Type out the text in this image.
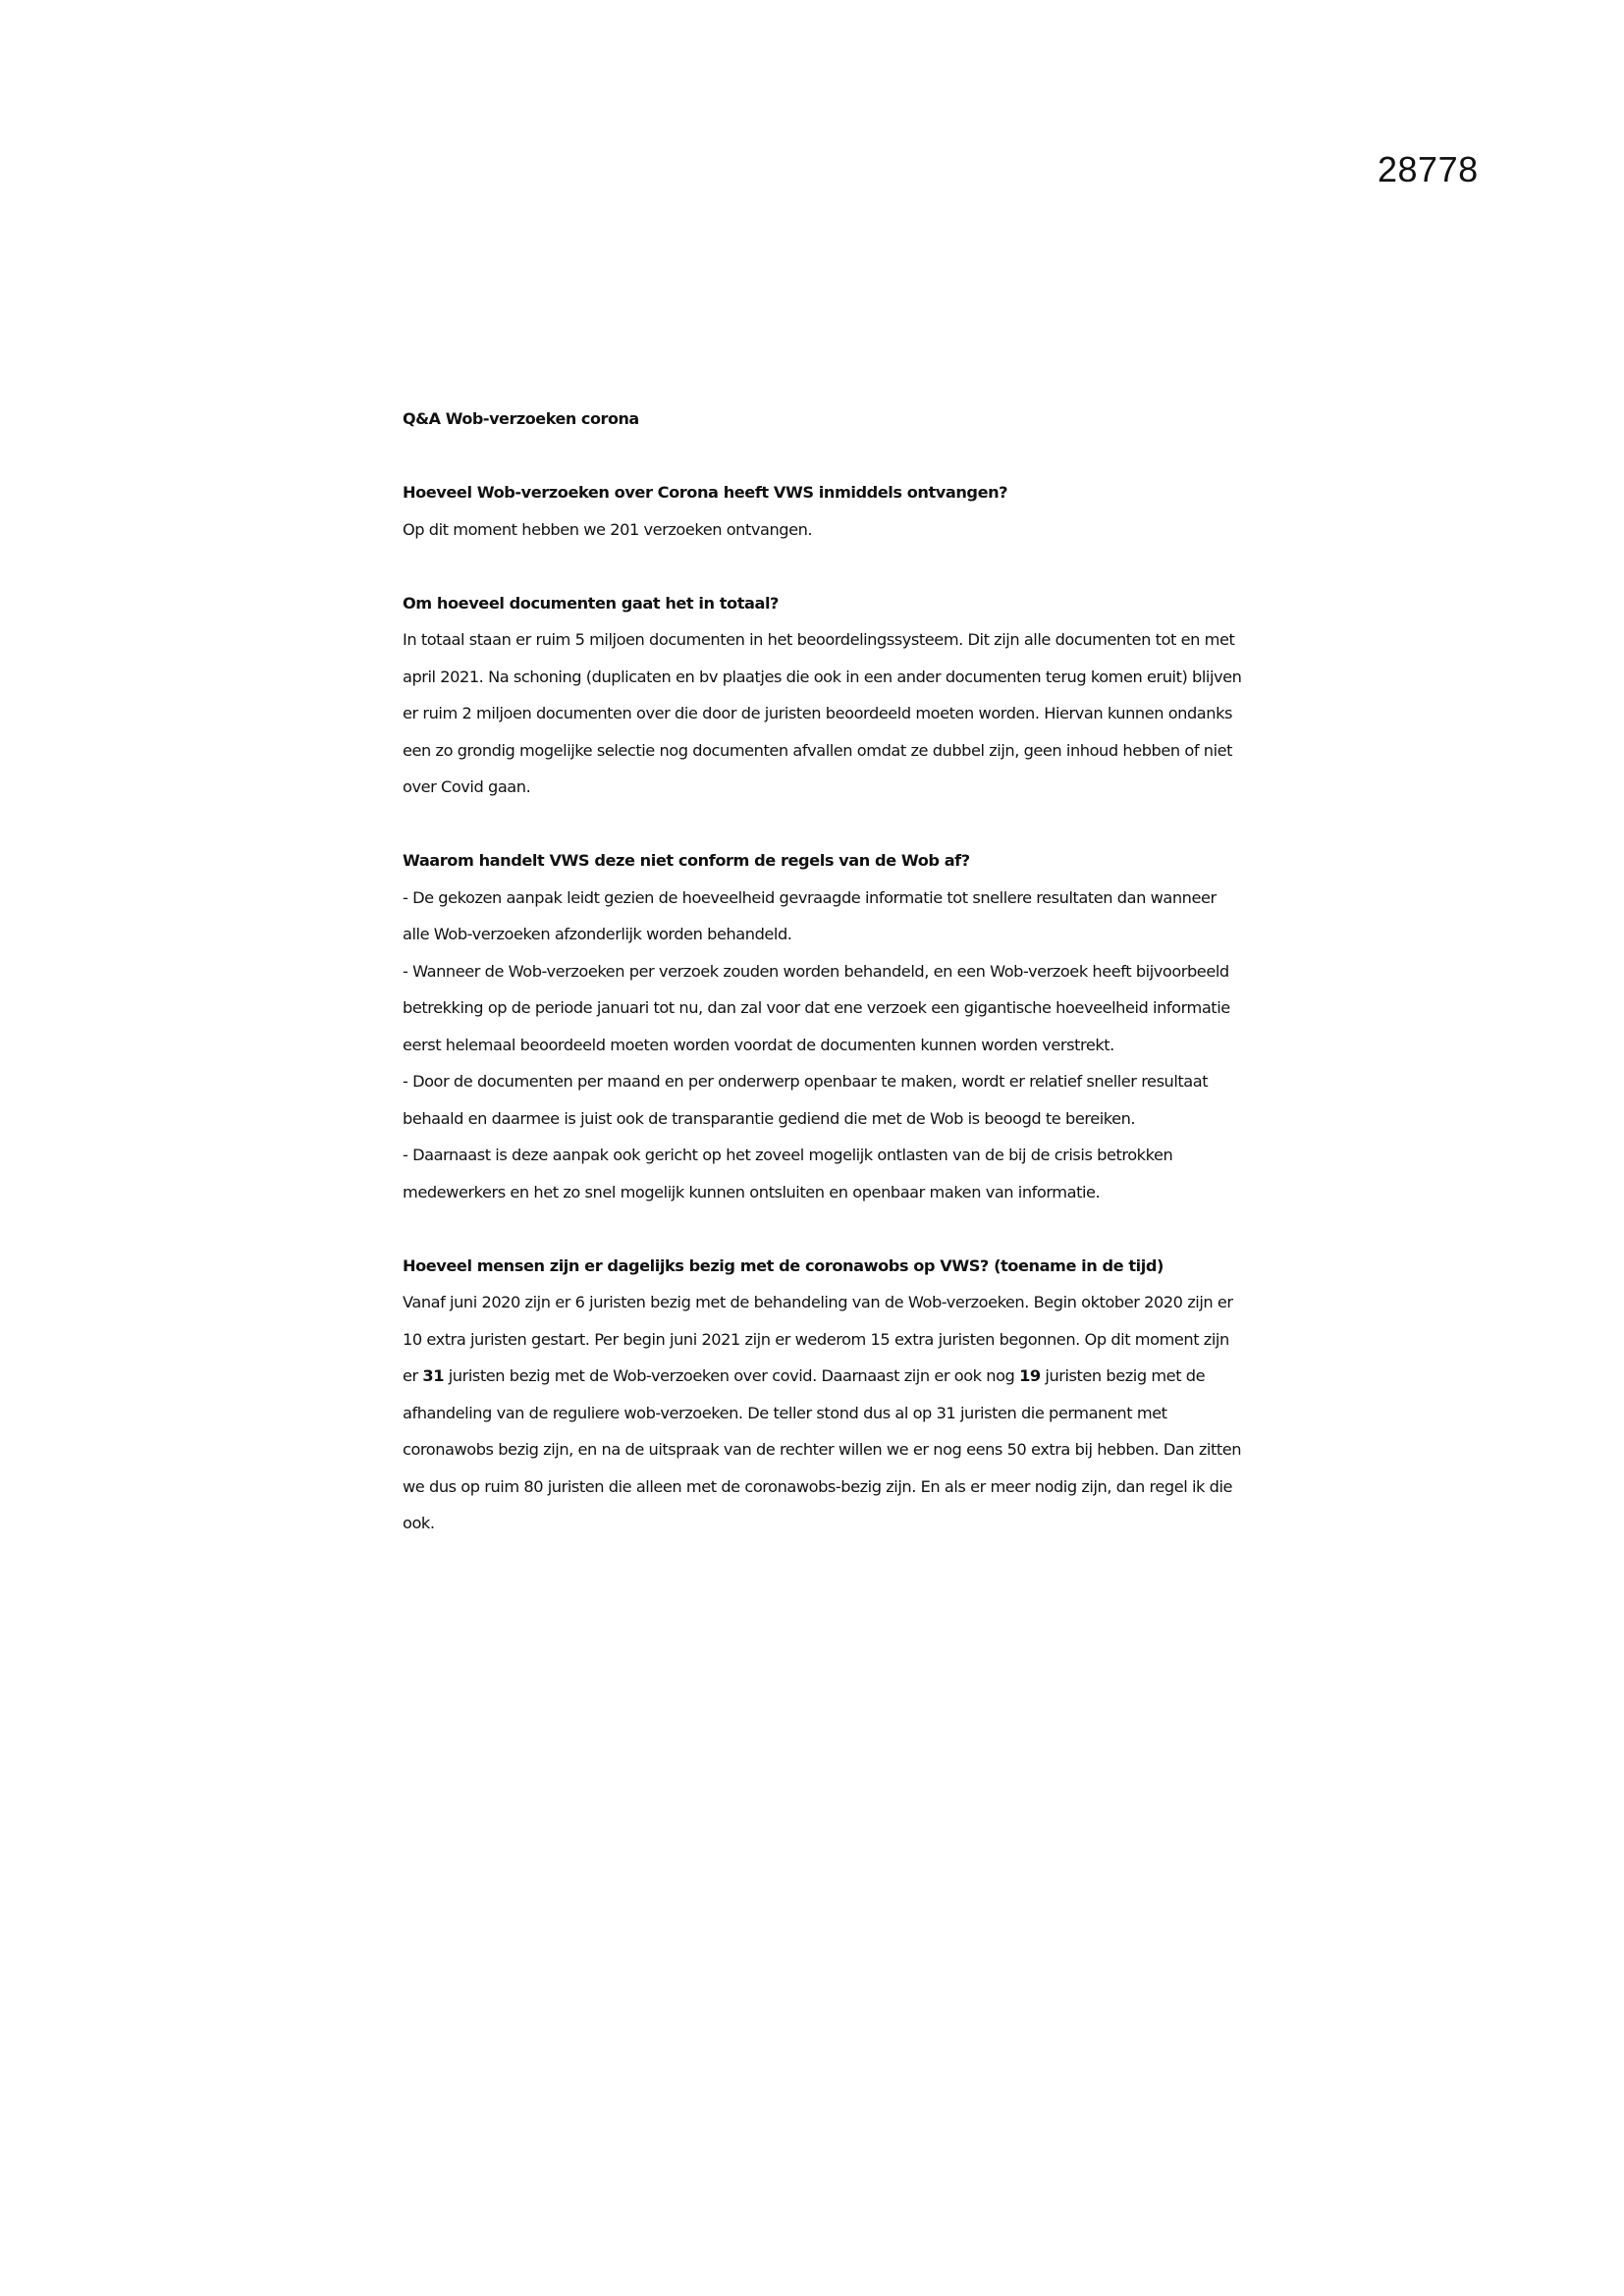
28778
Q&A Wob-verzoeken corona

Hoeveel Wob-verzoeken over Corona heeft VWS inmiddels ontvangen?

Op dit moment hebben we 201 verzoeken ontvangen.

Om hoeveel documenten gaat het in totaal?

In totaal staan er ruim 5 miljoen documenten in het beoordelingssysteem. Dit zijn alle documenten tot en met april 2021. Na schoning (duplicaten en bv plaatjes die ook in een ander documenten terug komen eruit) blijven er ruim 2 miljoen documenten over die door de juristen beoordeeld moeten worden. Hiervan kunnen ondanks een zo grondig mogelijke selectie nog documenten afvallen omdat ze dubbel zijn, geen inhoud hebben of niet over Covid gaan.

Waarom handelt VWS deze niet conform de regels van de Wob af?

- De gekozen aanpak leidt gezien de hoeveelheid gevraagde informatie tot snellere resultaten dan wanneer alle Wob-verzoeken afzonderlijk worden behandeld.

- Wanneer de Wob-verzoeken per verzoek zouden worden behandeld, en een Wob-verzoek heeft bijvoorbeeld betrekking op de periode januari tot nu, dan zal voor dat ene verzoek een gigantische hoeveelheid informatie eerst helemaal beoordeeld moeten worden voordat de documenten kunnen worden verstrekt.

- Door de documenten per maand en per onderwerp openbaar te maken, wordt er relatief sneller resultaat behaald en daarmee is juist ook de transparantie gediend die met de Wob is beoogd te bereiken.

- Daarnaast is deze aanpak ook gericht op het zoveel mogelijk ontlasten van de bij de crisis betrokken medewerkers en het zo snel mogelijk kunnen ontsluiten en openbaar maken van informatie.

Hoeveel mensen zijn er dagelijks bezig met de coronawobs op VWS? (toename in de tijd)

Vanaf juni 2020 zijn er 6 juristen bezig met de behandeling van de Wob-verzoeken. Begin oktober 2020 zijn er 10 extra juristen gestart. Per begin juni 2021 zijn er wederom 15 extra juristen begonnen. Op dit moment zijn er 31 juristen bezig met de Wob-verzoeken over covid. Daarnaast zijn er ook nog 19 juristen bezig met de afhandeling van de reguliere wob-verzoeken. De teller stond dus al op 31 juristen die permanent met coronawobs bezig zijn, en na de uitspraak van de rechter willen we er nog eens 50 extra bij hebben. Dan zitten we dus op ruim 80 juristen die alleen met de coronawobs-bezig zijn. En als er meer nodig zijn, dan regel ik die ook.
